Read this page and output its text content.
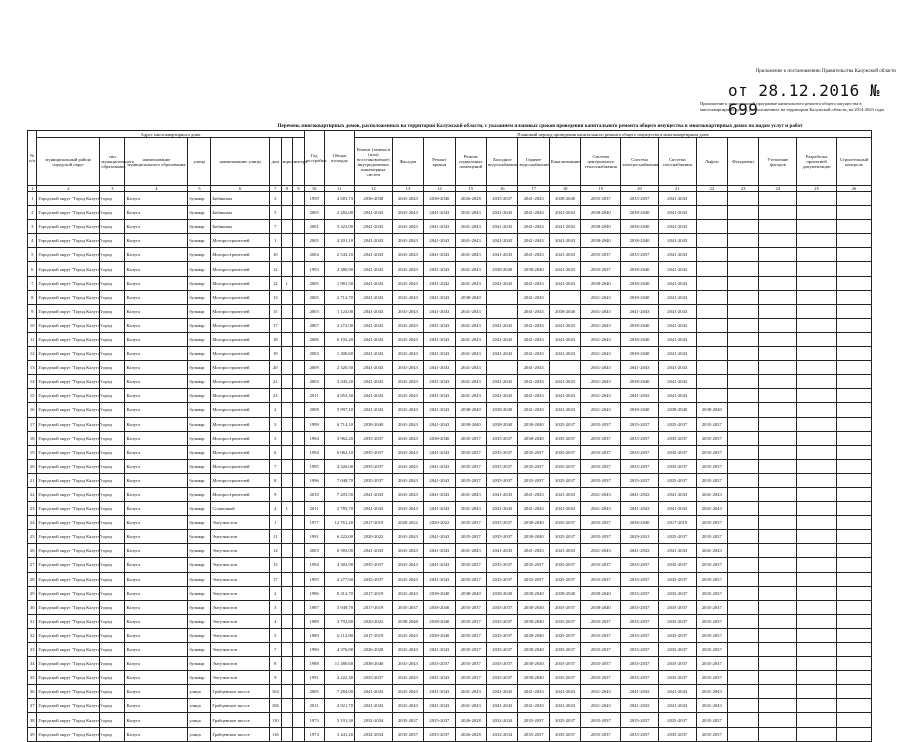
Приложение к постановлению Правительства Калужской области
от 28.12.2016 № 699
Приложение к региональной программе капитального ремонта общего имущества в многоквартирных домах, расположенных на территории Калужской области, на 2014-2043 годы
Перечень многоквартирных домов, расположенных на территории Калужской области, с указанием плановых сроков проведения капитального ремонта общего имущества в многоквартирных домах по видам услуг и работ
№ п/п	Адрес многоквартирного дома								Год постройки	Общая площадь	Плановый период проведения капитального ремонта общего имущества в многоквартирном доме														
	муниципальный район/городской округ	тип муниципального образования	наименование муниципального образования	улица	наименование улицы	дом	корпус	литера			Ремонт (замена и (или) восстановление) внутридомовых инженерных систем	Фасадов	Ремонт крыши	Ремонт подвальных помещений	Холодное водоснабжение	Горячее водоснабжение	Канализование	Система центрального теплоснабжения	Система электроснабжения	Система газоснабжения	Лифты	Фундамент	Утепление фасадов	Разработка проектной документации	Строительный контроль
1	2	3	4	5	6	7	8	9	10	11	12	13	14	15	16	17	18	19	20	21	22	23	24	25	26
1	Городской округ "Город Калуга"	город	Калуга	бульвар	Бибиковы	3			1959	4 581,73	2036-2038	2041-2043	2038-2040	2026-2028	2035-2037	2041-2043	2038-2040	2035-2037	2035-2037	2041-2043					
2	Городской округ "Город Калуга"	город	Калуга	бульвар	Бибиковы	5			2005	2 282,00	2041-2043	2041-2043	2041-2043	2041-2043	2041-2043	2041-2043	2041-2043	2038-2040	2038-2040	2041-2043					
3	Городской округ "Город Калуга"	город	Калуга	бульвар	Бибиковы	7			2001	3 323,90	2041-2043	2041-2043	2041-2043	2041-2043	2041-2043	2041-2043	2041-2043	2038-2040	2038-2040	2041-2043					
4	Городской округ "Город Калуга"	город	Калуга	бульвар	Моторостроителей	1			2005	4 201,10	2041-2043	2041-2043	2041-2043	2041-2043	2041-2043	2041-2043	2041-2043	2038-2040	2038-2040	2041-2043					
5	Городской округ "Город Калуга"	город	Калуга	бульвар	Моторостроителей	10			2004	2 543,10	2041-2043	2041-2043	2041-2043	2041-2043	2041-2043	2041-2043	2041-2043	2035-2037	2035-2037	2041-2043					
6	Городской округ "Город Калуга"	город	Калуга	бульвар	Моторостроителей	12			1993	4 386,90	2041-2043	2041-2043	2041-2043	2041-2043	2038-2040	2038-2040	2041-2043	2035-2037	2038-2040	2041-2043					
7	Городской округ "Город Калуга"	город	Калуга	бульвар	Моторостроителей	12	1		2005	1 981,50	2041-2043	2041-2043	2041-2042	2041-2043	2041-2043	2041-2043	2041-2043	2038-2040	2038-2040	2041-2043					
8	Городской округ "Город Калуга"	город	Калуга	бульвар	Моторостроителей	13			2005	2 712,70	2041-2043	2041-2043	2041-2043	2038-2040		2041-2043		2041-2043	2038-2040	2041-2043					
9	Городской округ "Город Калуга"	город	Калуга	бульвар	Моторостроителей	15			2003	1 124,00	2041-2043	2041-2043	2041-2043	2041-2043		2041-2043	2038-2040	2041-2043	2041-2043	2041-2043					
10	Городской округ "Город Калуга"	город	Калуга	бульвар	Моторостроителей	17			2007	2 272,00	2041-2043	2041-2043	2041-2043	2041-2043	2041-2043	2041-2043	2041-2043	2041-2043	2038-2040	2041-2043					
11	Городской округ "Город Калуга"	город	Калуга	бульвар	Моторостроителей	18			2006	6 192,20	2041-2043	2041-2043	2041-2043	2041-2043	2041-2043	2041-2043	2041-2043	2041-2043	2038-2040	2041-2043					
12	Городской округ "Город Калуга"	город	Калуга	бульвар	Моторостроителей	19			2003	1 300,60	2041-2043	2041-2043	2041-2043	2041-2043	2041-2043	2041-2043	2041-2043	2041-2043	2038-2040	2041-2043					
13	Городской округ "Город Калуга"	город	Калуга	бульвар	Моторостроителей	20			2009	2 320,50	2041-2043	2041-2043	2041-2043	2041-2043		2041-2043		2041-2043	2041-2043	2041-2043					
14	Городской округ "Город Калуга"	город	Калуга	бульвар	Моторостроителей	21			2003	3 345,20	2041-2043	2041-2043	2041-2043	2041-2043	2041-2043	2041-2043	2041-2043	2041-2043	2038-2040	2041-2043					
15	Городской округ "Город Калуга"	город	Калуга	бульвар	Моторостроителей	23			2011	4 853,30	2041-2043	2041-2043	2041-2043	2041-2043	2041-2043	2041-2043	2041-2043	2041-2043	2041-2043	2041-2043					
16	Городской округ "Город Калуга"	город	Калуга	бульвар	Моторостроителей	2			2008	5 997,10	2041-2043	2041-2043	2041-2043	2038-2040	2038-2040	2041-2043	2041-2043	2041-2043	2038-2040	2038-2040	2038-2040				
17	Городской округ "Город Калуга"	город	Калуга	бульвар	Моторостроителей	3			1999	6 714,10	2038-2040	2041-2043	2041-2043	2038-2040	2038-2040	2038-2040	2035-2037	2035-2037	2035-2037	2035-2037	2035-2037				
18	Городской округ "Город Калуга"	город	Калуга	бульвар	Моторостроителей	5			1994	3 962,20	2035-2037	2041-2043	2038-2040	2035-2037	2035-2037	2038-2040	2035-2037	2035-2037	2035-2037	2035-2037	2035-2037				
19	Городской округ "Город Калуга"	город	Калуга	бульвар	Моторостроителей	6			1994	6 062,10	2035-2037	2041-2043	2041-2043	2035-2037	2035-2037	2035-2037	2035-2037	2035-2037	2035-2037	2035-2037	2035-2037				
20	Городской округ "Город Калуга"	город	Калуга	бульвар	Моторостроителей	7			1995	4 326,00	2035-2037	2041-2043	2041-2043	2035-2037	2035-2037	2035-2037	2035-2037	2035-2037	2035-2037	2035-2037	2035-2037				
21	Городской округ "Город Калуга"	город	Калуга	бульвар	Моторостроителей	8			1996	7 048,70	2035-2037	2041-2043	2041-2043	2035-2037	2035-2037	2035-2037	2035-2037	2035-2037	2035-2037	2035-2037	2035-2037				
22	Городской округ "Город Калуга"	город	Калуга	бульвар	Моторостроителей	9			2010	7 203,50	2041-2043	2041-2043	2041-2043	2041-2043	2041-2043	2041-2043	2041-2043	2041-2043	2041-2043	2041-2043	2041-2043				
23	Городской округ "Город Калуга"	город	Калуга	бульвар	Солнечный	4	1		2011	2 783,70	2041-2043	2041-2043	2041-2043	2041-2043	2041-2043	2041-2043	2041-2043	2041-2043	2041-2043	2041-2043	2041-2043				
24	Городской округ "Город Калуга"	город	Калуга	бульвар	Энтузиастов	1			1977	12 761,20	2017-2019	2020-2022	2020-2022	2035-2037	2035-2037	2038-2040	2035-2037	2035-2037	2038-2040	2017-2019	2035-2037				
25	Городской округ "Город Калуга"	город	Калуга	бульвар	Энтузиастов	11			1991	6 222,00	2020-2022	2041-2043	2041-2043	2035-2037	2035-2037	2038-2040	2035-2037	2035-2037	2029-2031	2035-2037	2035-2037				
26	Городской округ "Город Калуга"	город	Калуга	бульвар	Энтузиастов	12			2003	6 583,00	2041-2043	2041-2043	2041-2043	2041-2043	2041-2043	2041-2043	2041-2043	2041-2043	2041-2043	2041-2043	2041-2043				
27	Городской округ "Город Калуга"	город	Калуга	бульвар	Энтузиастов	13			1994	4 382,90	2035-2037	2041-2043	2041-2043	2035-2037	2035-2037	2035-2037	2035-2037	2035-2037	2035-2037	2035-2037	2035-2037				
28	Городской округ "Город Калуга"	город	Калуга	бульвар	Энтузиастов	17			1995	4 277,60	2035-2037	2041-2043	2041-2043	2035-2037	2035-2037	2035-2037	2035-2037	2035-2037	2035-2037	2035-2037	2035-2037				
29	Городской округ "Город Калуга"	город	Калуга	бульвар	Энтузиастов	2			1986	8 312,70	2017-2019	2041-2043	2038-2040	2038-2040	2038-2040	2038-2040	2038-2040	2038-2040	2035-2037	2035-2037	2035-2037				
30	Городской округ "Город Калуга"	город	Калуга	бульвар	Энтузиастов	3			1987	5 949,70	2017-2019	2035-2037	2038-2040	2035-2037	2035-2037	2038-2040	2035-2037	2038-2040	2035-2037	2035-2037	2035-2037				
31	Городской округ "Город Калуга"	город	Калуга	бульвар	Энтузиастов	4			1989	4 792,80	2020-2022	2038-2040	2038-2040	2035-2037	2035-2037	2038-2040	2035-2037	2035-2037	2035-2037	2035-2037	2035-2037				
32	Городской округ "Город Калуга"	город	Калуга	бульвар	Энтузиастов	5			1989	6 112,80	2017-2019	2041-2043	2038-2040	2035-2037	2035-2037	2038-2040	2035-2037	2035-2037	2035-2037	2035-2037	2035-2037				
33	Городской округ "Город Калуга"	город	Калуга	бульвар	Энтузиастов	7			1990	4 376,00	2026-2028	2041-2043	2041-2043	2035-2037	2035-2037	2038-2040	2035-2037	2035-2037	2035-2037	2035-2037	2035-2037				
34	Городской округ "Город Калуга"	город	Калуга	бульвар	Энтузиастов	8			1988	11 480,60	2038-2040	2041-2043	2035-2037	2035-2037	2035-2037	2038-2040	2035-2037	2035-2037	2035-2037	2035-2037	2035-2037				
35	Городской округ "Город Калуга"	город	Калуга	бульвар	Энтузиастов	9			1991	4 222,30	2035-2037	2041-2043	2041-2043	2035-2037	2035-2037	2038-2040	2035-2037	2035-2037	2035-2037	2035-2037	2035-2037				
36	Городской округ "Город Калуга"	город	Калуга	улица	Грабцевское шоссе	104			2005	7 284,00	2041-2043	2041-2043	2041-2043	2041-2043	2041-2043	2041-2043	2041-2043	2041-2043	2041-2043	2041-2043	2041-2043				
37	Городской округ "Город Калуга"	город	Калуга	улица	Грабцевское шоссе	106			2011	4 921,70	2041-2043	2041-2043	2041-2043	2041-2043	2041-2043	2041-2043	2041-2043	2041-2043	2041-2043	2041-2043	2041-2043				
38	Городской округ "Город Калуга"	город	Калуга	улица	Грабцевское шоссе	110			1973	5 191,30	2032-2034	2035-2037	2035-2037	2026-2028	2032-2034	2035-2037	2035-2037	2035-2037	2035-2037	2035-2037	2035-2037				
39	Городской округ "Город Калуга"	город	Калуга	улица	Грабцевское шоссе	116			1974	3 441,20	2032-2034	2035-2037	2035-2037	2026-2028	2032-2034	2035-2037	2035-2037	2035-2037	2035-2037	2035-2037	2035-2037				
